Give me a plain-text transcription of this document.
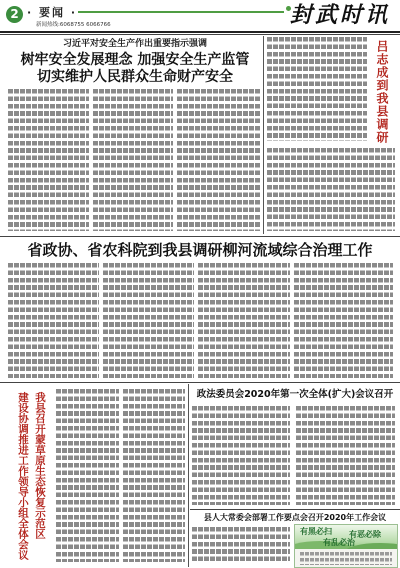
2 · 要闻 ·
新闻热线:6068755 6066766	封武时讯
习近平对安全生产作出重要指示强调
树牢安全发展理念 加强安全生产监管
切实维护人民群众生命财产安全	吕志成到我县调研
省政协、省农科院到我县调研柳河流域综合治理工作
我县召开蒙草原生态恢复示范区
建设协调推进工作领导小组全体会议	政法委员会2020年第一次全体(扩大)会议召开
县人大常委会部署工作要点会召开2020年工作会议
有黑必扫 有恶必除
有乱必治
